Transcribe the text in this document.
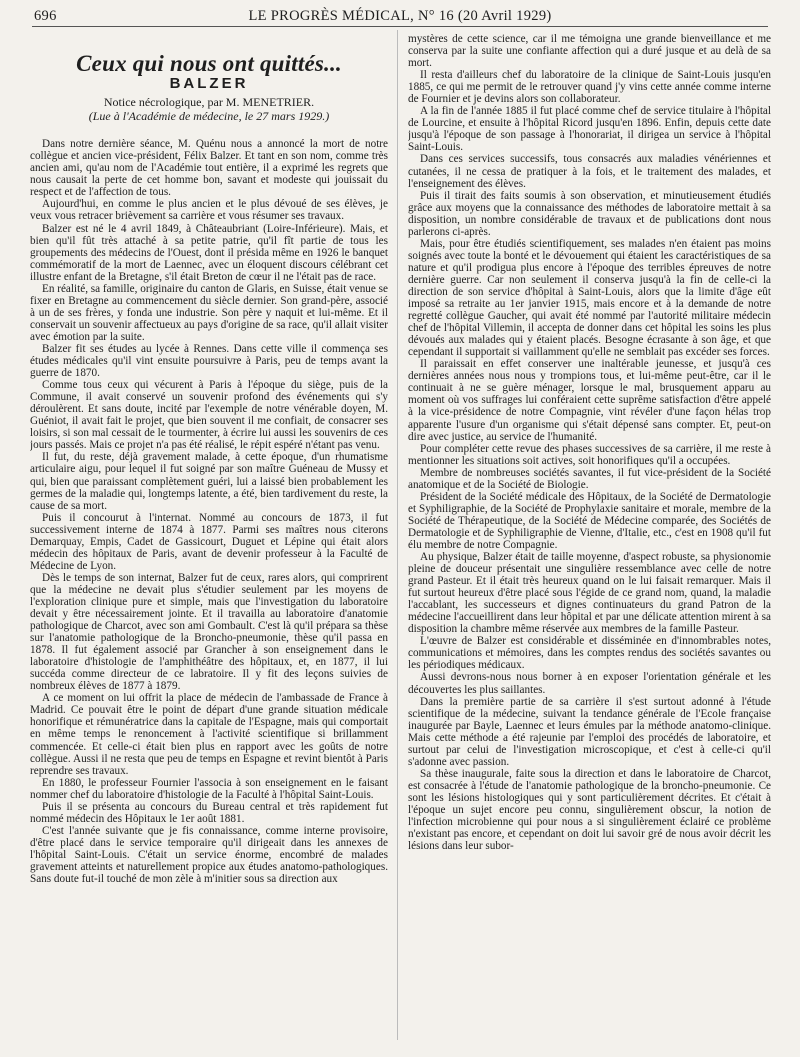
696	LE PROGRÈS MÉDICAL, N° 16 (20 Avril 1929)
Ceux qui nous ont quittés...
BALZER
Notice nécrologique, par M. MENETRIER.
(Lue à l'Académie de médecine, le 27 mars 1929.)

Dans notre dernière séance, M. Quénu nous a annoncé la mort de notre collègue et ancien vice-président, Félix Balzer. Et tant en son nom, comme très ancien ami, qu'au nom de l'Académie tout entière, il a exprimé les regrets que nous causait la perte de cet homme bon, savant et modeste qui jouissait du respect et de l'affection de tous.

Aujourd'hui, en comme le plus ancien et le plus dévoué de ses élèves, je veux vous retracer brièvement sa carrière et vous résumer ses travaux.

Balzer est né le 4 avril 1849, à Châteaubriant (Loire-Inférieure). Mais, et bien qu'il fût très attaché à sa petite patrie, qu'il fît partie de tous les groupements des médecins de l'Ouest, dont il présida même en 1926 le banquet commémoratif de la mort de Laennec, avec un éloquent discours célébrant cet illustre enfant de la Bretagne, s'il était Breton de cœur il ne l'était pas de race.

En réalité, sa famille, originaire du canton de Glaris, en Suisse, était venue se fixer en Bretagne au commencement du siècle dernier. Son grand-père, associé à un de ses frères, y fonda une industrie. Son père y naquit et lui-même. Et il conservait un souvenir affectueux au pays d'origine de sa race, qu'il allait visiter avec émotion par la suite.

Balzer fit ses études au lycée à Rennes. Dans cette ville il commença ses études médicales qu'il vint ensuite poursuivre à Paris, peu de temps avant la guerre de 1870.

Comme tous ceux qui vécurent à Paris à l'époque du siège, puis de la Commune, il avait conservé un souvenir profond des événements qui s'y déroulèrent. Et sans doute, incité par l'exemple de notre vénérable doyen, M. Guéniot, il avait fait le projet, que bien souvent il me confiait, de consacrer ses loisirs, si son mal cessait de le tourmenter, à écrire lui aussi les souvenirs de ces jours passés. Mais ce projet n'a pas été réalisé, le répit espéré n'étant pas venu.

Il fut, du reste, déjà gravement malade, à cette époque, d'un rhumatisme articulaire aigu, pour lequel il fut soigné par son maître Guéneau de Mussy et qui, bien que paraissant complètement guéri, lui a laissé bien probablement les germes de la maladie qui, longtemps latente, a été, bien tardivement du reste, la cause de sa mort.

Puis il concourut à l'internat. Nommé au concours de 1873, il fut successivement interne de 1874 à 1877. Parmi ses maîtres nous citerons Demarquay, Empis, Cadet de Gassicourt, Duguet et Lépine qui était alors médecin des hôpitaux de Paris, avant de devenir professeur à la Faculté de Médecine de Lyon.

Dès le temps de son internat, Balzer fut de ceux, rares alors, qui comprirent que la médecine ne devait plus s'étudier seulement par les moyens de l'exploration clinique pure et simple, mais que l'investigation du laboratoire devait y être nécessairement jointe. Et il travailla au laboratoire d'anatomie pathologique de Charcot, avec son ami Gombault. C'est là qu'il prépara sa thèse sur l'anatomie pathologique de la Broncho-pneumonie, thèse qu'il passa en 1878. Il fut également associé par Grancher à son enseignement dans le laboratoire d'histologie de l'amphithéâtre des hôpitaux, et, en 1877, il lui succéda comme directeur de ce labratoire. Il y fit des leçons suivies de nombreux élèves de 1877 à 1879.

A ce moment on lui offrit la place de médecin de l'ambassade de France à Madrid. Ce pouvait être le point de départ d'une grande situation médicale honorifique et rémunératrice dans la capitale de l'Espagne, mais qui comportait en même temps le renoncement à l'activité scientifique si brillamment commencée. Et celle-ci était bien plus en rapport avec les goûts de notre collègue. Aussi il ne resta que peu de temps en Espagne et revint bientôt à Paris reprendre ses travaux.

En 1880, le professeur Fournier l'associa à son enseignement en le faisant nommer chef du laboratoire d'histologie de la Faculté à l'hôpital Saint-Louis.

Puis il se présenta au concours du Bureau central et très rapidement fut nommé médecin des Hôpitaux le 1er août 1881.

C'est l'année suivante que je fis connaissance, comme interne provisoire, d'être placé dans le service temporaire qu'il dirigeait dans les annexes de l'hôpital Saint-Louis. C'était un service énorme, encombré de malades gravement atteints et naturellement propice aux études anatomo-pathologiques. Sans doute fut-il touché de mon zèle à m'initier sous sa direction aux

mystères de cette science, car il me témoigna une grande bienveillance et me conserva par la suite une confiante affection qui a duré jusque et au delà de sa mort.

Il resta d'ailleurs chef du laboratoire de la clinique de Saint-Louis jusqu'en 1885, ce qui me permit de le retrouver quand j'y vins cette année comme interne de Fournier et je devins alors son collaborateur.

A la fin de l'année 1885 il fut placé comme chef de service titulaire à l'hôpital de Lourcine, et ensuite à l'hôpital Ricord jusqu'en 1896. Enfin, depuis cette date jusqu'à l'époque de son passage à l'honorariat, il dirigea un service à l'hôpital Saint-Louis.

Dans ces services successifs, tous consacrés aux maladies vénériennes et cutanées, il ne cessa de pratiquer à la fois, et le traitement des malades, et l'enseignement des élèves.

Puis il tirait des faits soumis à son observation, et minutieusement étudiés grâce aux moyens que la connaissance des méthodes de laboratoire mettait à sa disposition, un nombre considérable de travaux et de publications dont nous parlerons ci-après.

Mais, pour être étudiés scientifiquement, ses malades n'en étaient pas moins soignés avec toute la bonté et le dévouement qui étaient les caractéristiques de sa nature et qu'il prodigua plus encore à l'époque des terribles épreuves de notre dernière guerre. Car non seulement il conserva jusqu'à la fin de celle-ci la direction de son service d'hôpital à Saint-Louis, alors que la limite d'âge eût imposé sa retraite au 1er janvier 1915, mais encore et à la demande de notre regretté collègue Gaucher, qui avait été nommé par l'autorité militaire médecin chef de l'hôpital Villemin, il accepta de donner dans cet hôpital les soins les plus dévoués aux malades qui y étaient placés. Besogne écrasante à son âge, et que cependant il supportait si vaillamment qu'elle ne semblait pas excéder ses forces.

Il paraissait en effet conserver une inaltérable jeunesse, et jusqu'à ces dernières années nous nous y trompions tous, et lui-même peut-être, car il le continuait à ne se guère ménager, lorsque le mal, brusquement apparu au moment où vos suffrages lui conféraient cette suprême satisfaction d'être appelé à la vice-présidence de notre Compagnie, vint révéler d'une façon hélas trop apparente l'usure d'un organisme qui s'était dépensé sans compter. Et, peut-on dire avec justice, au service de l'humanité.

Pour compléter cette revue des phases successives de sa carrière, il me reste à mentionner les situations soit actives, soit honorifiques qu'il a occupées.

Membre de nombreuses sociétés savantes, il fut vice-président de la Société anatomique et de la Société de Biologie.

Président de la Société médicale des Hôpitaux, de la Société de Dermatologie et Syphiligraphie, de la Société de Prophylaxie sanitaire et morale, membre de la Société de Thérapeutique, de la Société de Médecine comparée, des Sociétés de Dermatologie et de Syphiligraphie de Vienne, d'Italie, etc., c'est en 1908 qu'il fut élu membre de notre Compagnie.

Au physique, Balzer était de taille moyenne, d'aspect robuste, sa physionomie pleine de douceur présentait une singulière ressemblance avec celle de notre grand Pasteur. Et il était très heureux quand on le lui faisait remarquer. Mais il fut surtout heureux d'être placé sous l'égide de ce grand nom, quand, la maladie l'accablant, les successeurs et dignes continuateurs du grand Patron de la médecine l'accueillirent dans leur hôpital et par une délicate attention mirent à sa disposition la chambre même réservée aux membres de la famille Pasteur.

L'œuvre de Balzer est considérable et disséminée en d'innombrables notes, communications et mémoires, dans les comptes rendus des sociétés savantes ou les périodiques médicaux.

Aussi devrons-nous nous borner à en exposer l'orientation générale et les découvertes les plus saillantes.

Dans la première partie de sa carrière il s'est surtout adonné à l'étude scientifique de la médecine, suivant la tendance générale de l'Ecole française inaugurée par Bayle, Laennec et leurs émules par la méthode anatomo-clinique. Mais cette méthode a été rajeunie par l'emploi des procédés de laboratoire, et surtout par celui de l'investigation microscopique, et c'est à celle-ci qu'il s'adonne avec passion.

Sa thèse inaugurale, faite sous la direction et dans le laboratoire de Charcot, est consacrée à l'étude de l'anatomie pathologique de la broncho-pneumonie. Ce sont les lésions histologiques qui y sont particulièrement décrites. Et c'était à l'époque un sujet encore peu connu, singulièrement obscur, la notion de l'infection microbienne qui pour nous a si singulièrement éclairé ce problème n'existant pas encore, et cependant on doit lui savoir gré de nous avoir décrit les lésions dans leur subor-
